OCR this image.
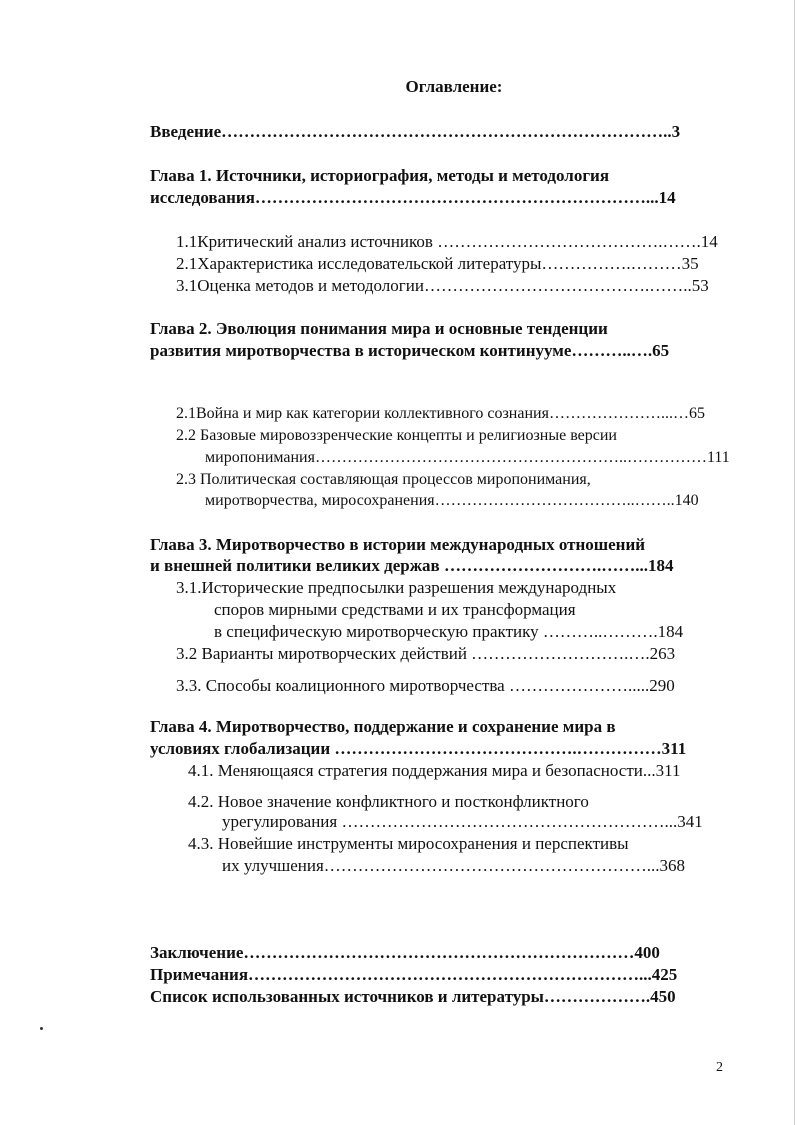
Оглавление:
Введение……………………………………………………………………..3
Глава 1. Источники, историография, методы и методология
исследования……………………………………………………………...14
1.1Критический анализ источников ………………………………….…….14
2.1Характеристика исследовательской литературы…………….………35
3.1Оценка методов и методологии………………………………….……..53
Глава 2. Эволюция понимания мира и основные тенденции
развития миротворчества в историческом континууме………..….65
2.1Война и мир как категории коллективного сознания…………………...…65
2.2 Базовые мировоззренческие концепты и религиозные версии
миропонимания…………………………………………………..……………111
2.3 Политическая составляющая процессов миропонимания,
миротворчества, миросохранения………………………………..……..140
Глава 3. Миротворчество в истории международных отношений
и внешней политики великих держав ……………………….……...184
3.1.Исторические предпосылки разрешения международных
споров мирными средствами и их трансформация
в специфическую миротворческую практику ………..……….184
3.2 Варианты миротворческих действий ……………………….….263
3.3. Способы коалиционного миротворчества ………………….....290
Глава 4. Миротворчество, поддержание и сохранение мира в
условиях глобализации …………………………………….……………311
4.1. Меняющаяся стратегия поддержания мира и безопасности...311
4.2. Новое значение конфликтного и постконфликтного
урегулирования …………………………………………………...341
4.3. Новейшие инструменты миросохранения и перспективы
их улучшения…………………………………………………...368
Заключение……………………………………………………………400
Примечания……………………………………………………………...425
Список использованных источников и литературы……………….450
2
